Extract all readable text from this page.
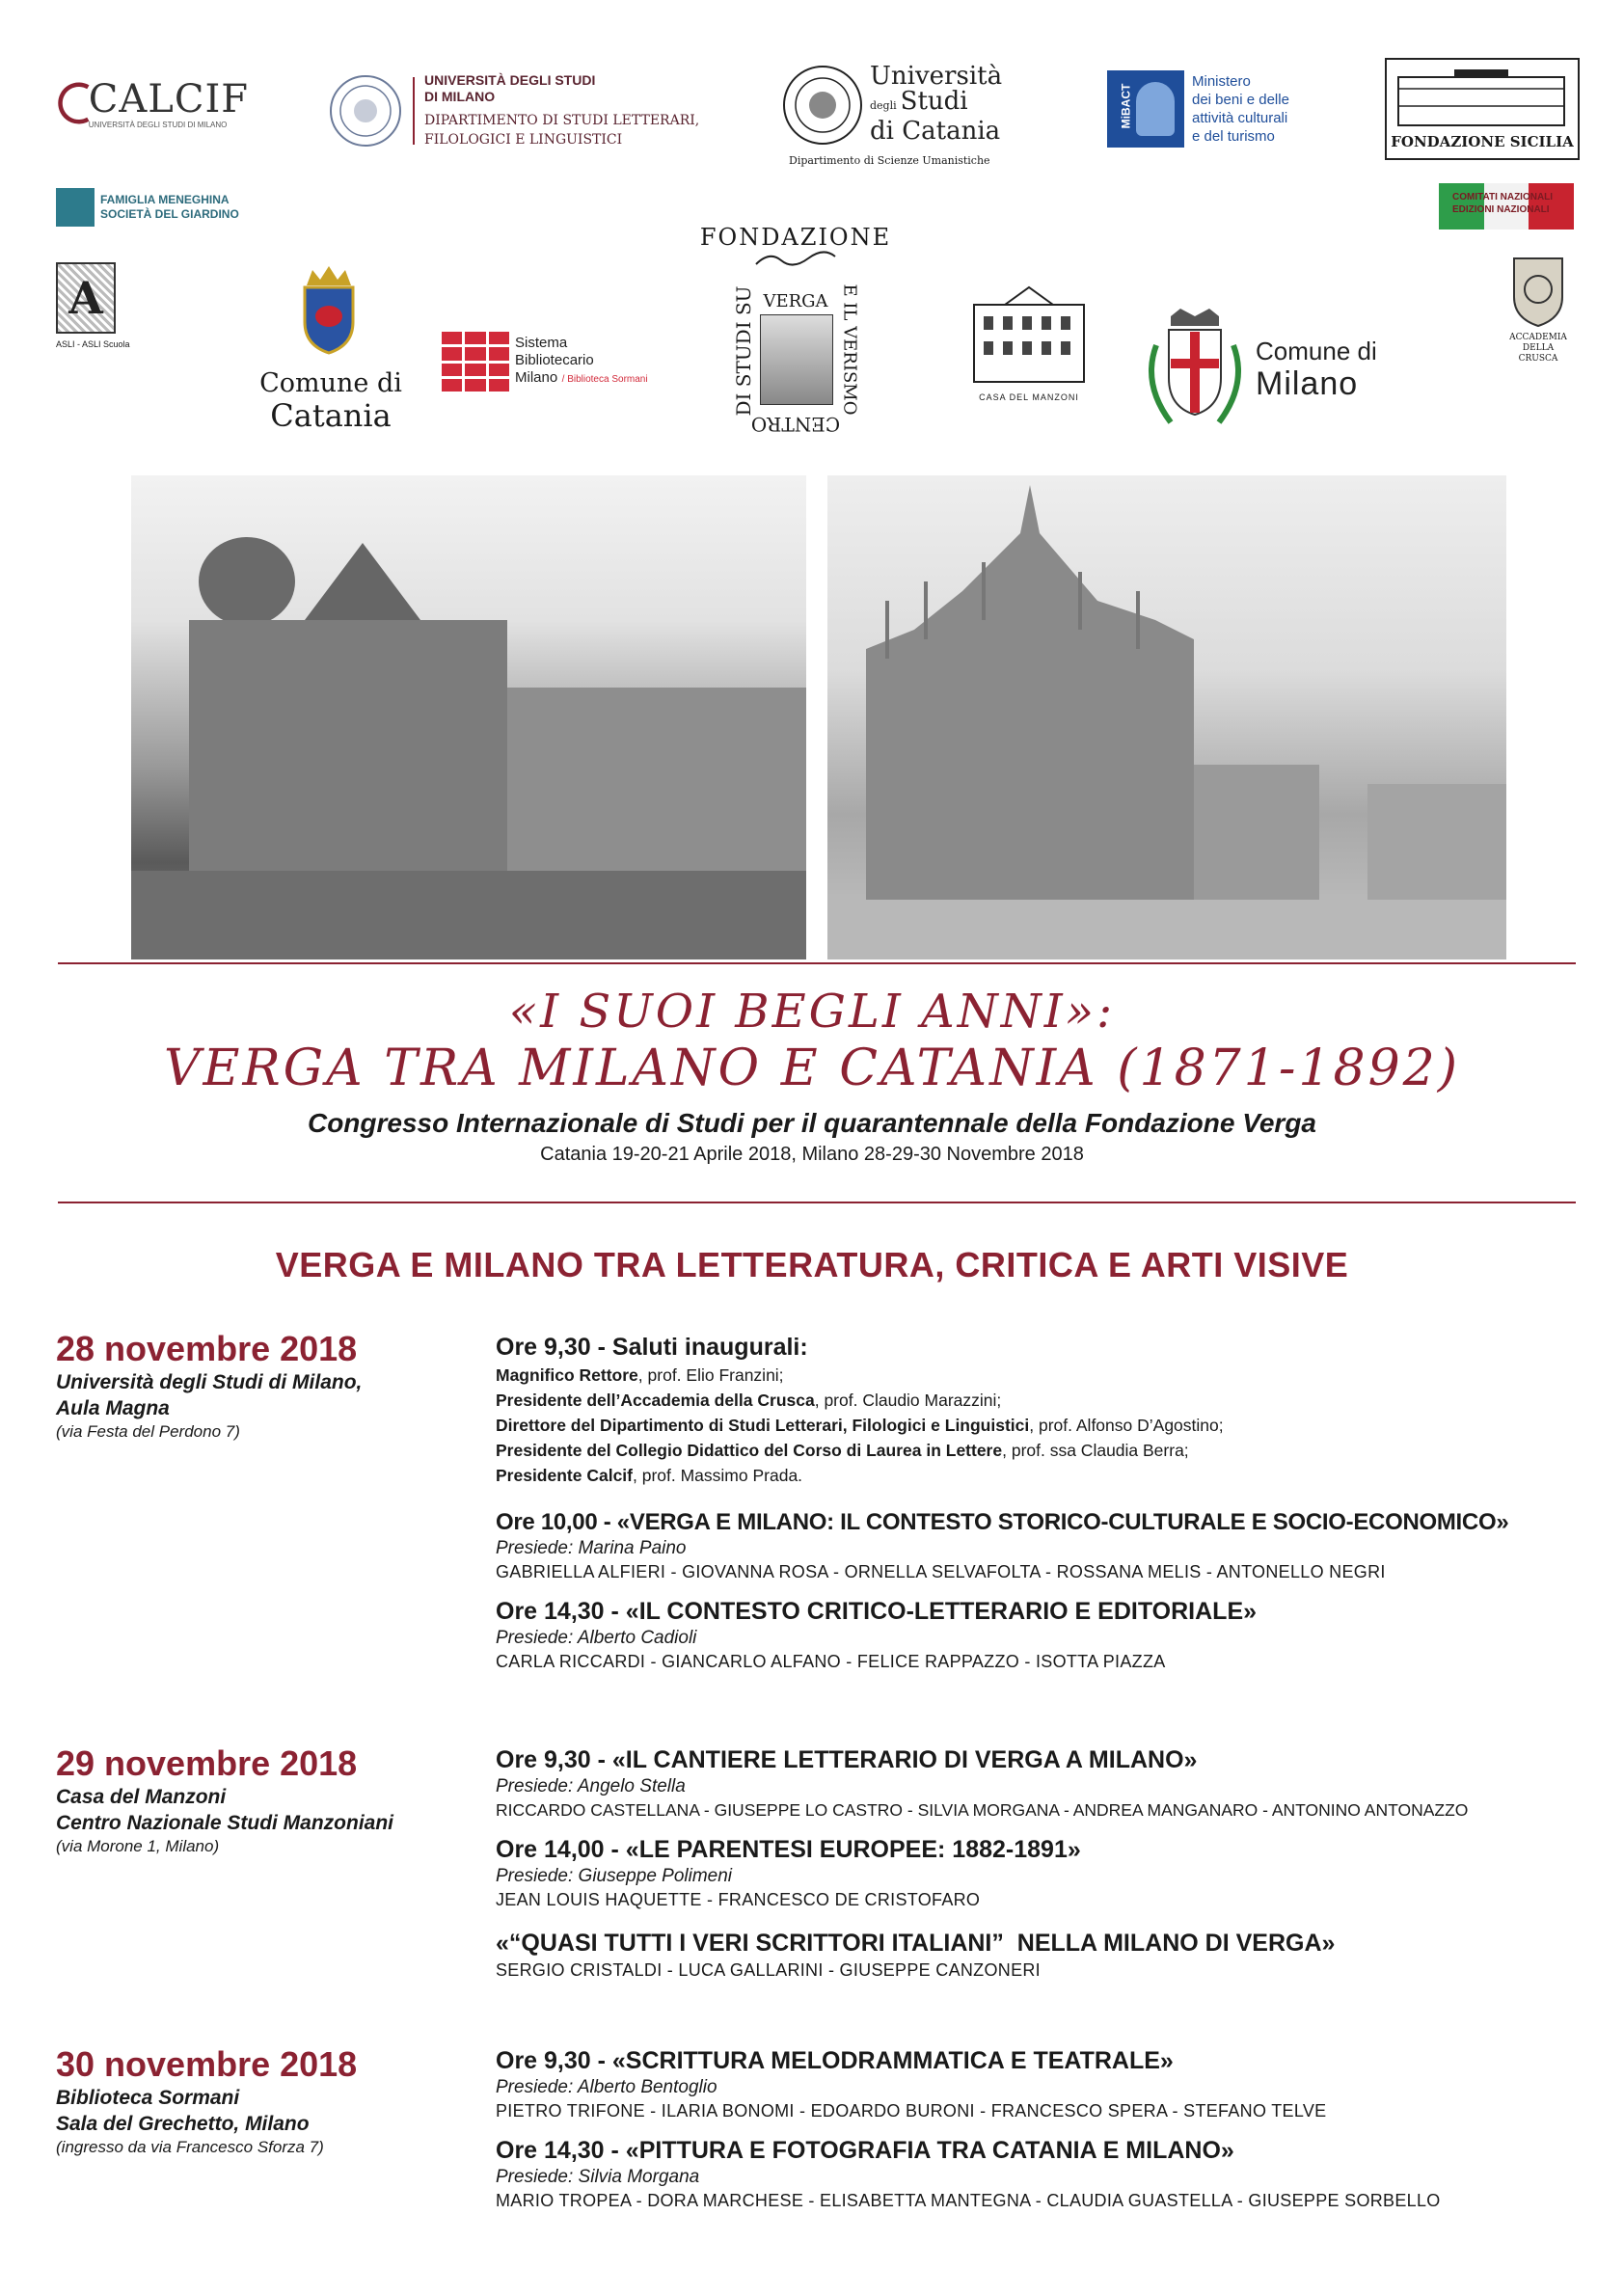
CALCIF
UNIVERSITÀ DEGLI STUDI DI MILANO
UNIVERSITÀ DEGLI STUDI
DI MILANO
DIPARTIMENTO DI STUDI LETTERARI,
FILOLOGICI E LINGUISTICI
Università
degli Studi
di Catania
Dipartimento di Scienze Umanistiche
MiBACT
Ministero
dei beni e delle
attività culturali
e del turismo	FONDAZIONE SICILIA
FAMIGLIA MENEGHINA
SOCIETÀ DEL GIARDINO
COMITATI NAZIONALI
EDIZIONI NAZIONALI
A
ASLI - ASLI Scuola
Comune di
Catania
Sistema
Bibliotecario
Milano / Biblioteca Sormani
FONDAZIONE
DI STUDI SU	E IL VERISMO
VERGA
CENTRO
CASA DEL MANZONI
Comune di
Milano
ACCADEMIA
DELLA
CRUSCA
«I SUOI BEGLI ANNI»:
VERGA TRA MILANO E CATANIA (1871-1892)
Congresso Internazionale di Studi per il quarantennale della Fondazione Verga
Catania 19-20-21 Aprile 2018, Milano 28-29-30 Novembre 2018
VERGA E MILANO TRA LETTERATURA, CRITICA E ARTI VISIVE
28 novembre 2018
Università degli Studi di Milano,
Aula Magna
(via Festa del Perdono 7)
Ore 9,30 - Saluti inaugurali:
Magnifico Rettore, prof. Elio Franzini;
Presidente dell’Accademia della Crusca, prof. Claudio Marazzini;
Direttore del Dipartimento di Studi Letterari, Filologici e Linguistici, prof. Alfonso D’Agostino;
Presidente del Collegio Didattico del Corso di Laurea in Lettere, prof. ssa Claudia Berra;
Presidente Calcif, prof. Massimo Prada.
Ore 10,00 - «VERGA E MILANO: IL CONTESTO STORICO-CULTURALE E SOCIO-ECONOMICO»
Presiede: Marina Paino
GABRIELLA ALFIERI - GIOVANNA ROSA - ORNELLA SELVAFOLTA - ROSSANA MELIS - ANTONELLO NEGRI
Ore 14,30 - «IL CONTESTO CRITICO-LETTERARIO E EDITORIALE»
Presiede: Alberto Cadioli
CARLA RICCARDI - GIANCARLO ALFANO - FELICE RAPPAZZO - ISOTTA PIAZZA
29 novembre 2018
Casa del Manzoni
Centro Nazionale Studi Manzoniani
(via Morone 1, Milano)
Ore 9,30 - «IL CANTIERE LETTERARIO DI VERGA A MILANO»
Presiede: Angelo Stella
RICCARDO CASTELLANA - GIUSEPPE LO CASTRO - SILVIA MORGANA - ANDREA MANGANARO - ANTONINO ANTONAZZO
Ore 14,00 - «LE PARENTESI EUROPEE: 1882-1891»
Presiede: Giuseppe Polimeni
JEAN LOUIS HAQUETTE - FRANCESCO DE CRISTOFARO
«“QUASI TUTTI I VERI SCRITTORI ITALIANI”  NELLA MILANO DI VERGA»
SERGIO CRISTALDI - LUCA GALLARINI - GIUSEPPE CANZONERI
30 novembre 2018
Biblioteca Sormani
Sala del Grechetto, Milano
(ingresso da via Francesco Sforza 7)
Ore 9,30 - «SCRITTURA MELODRAMMATICA E TEATRALE»
Presiede: Alberto Bentoglio
PIETRO TRIFONE - ILARIA BONOMI - EDOARDO BURONI - FRANCESCO SPERA - STEFANO TELVE
Ore 14,30 - «PITTURA E FOTOGRAFIA TRA CATANIA E MILANO»
Presiede: Silvia Morgana
MARIO TROPEA - DORA MARCHESE - ELISABETTA MANTEGNA - CLAUDIA GUASTELLA - GIUSEPPE SORBELLO
